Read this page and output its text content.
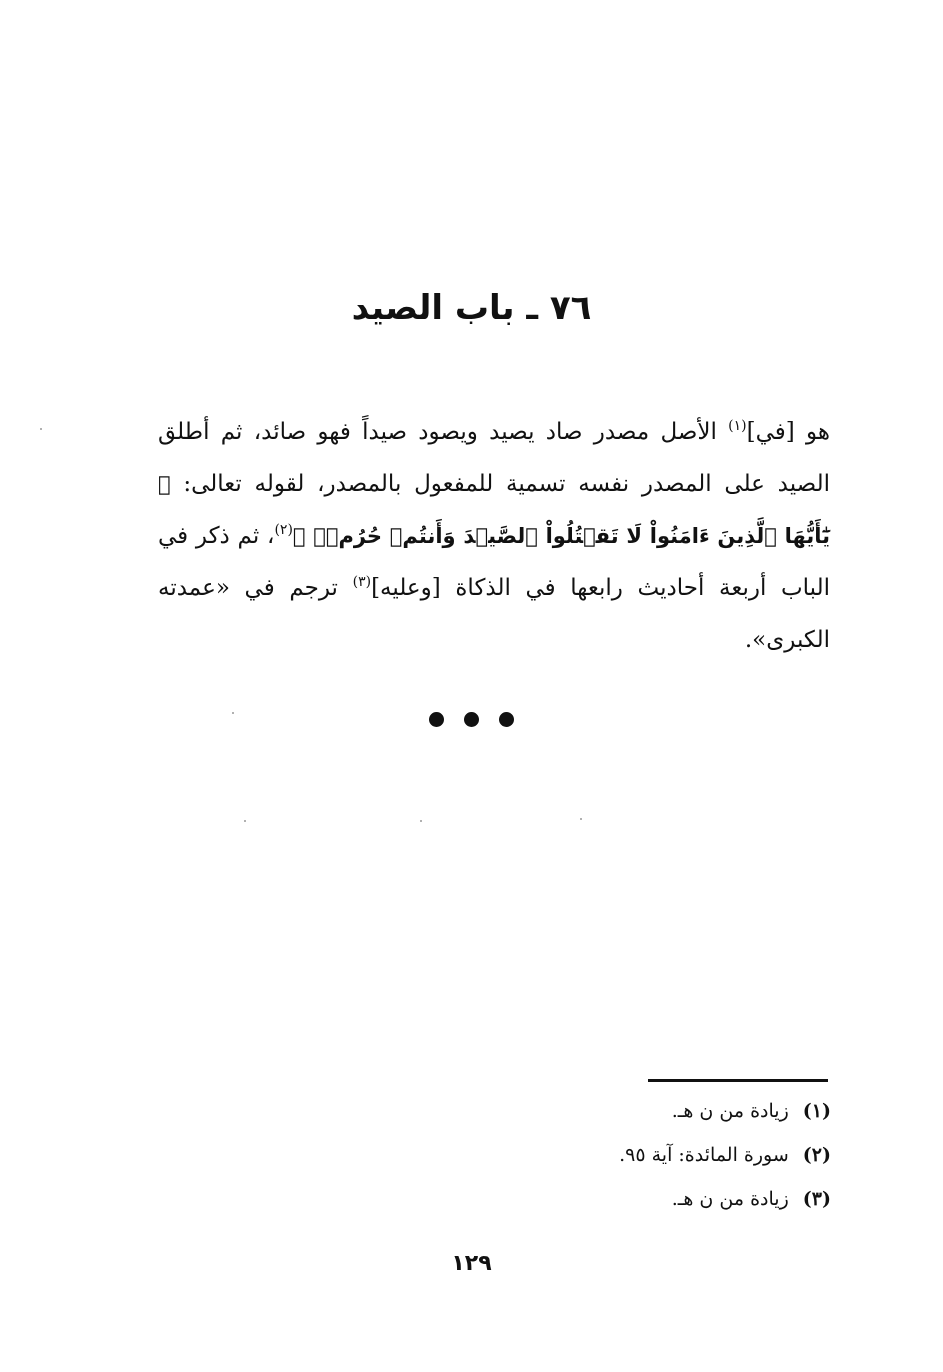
٧٦ ـ باب الصيد
هو [في]$^{(١)}$ الأصل مصدر صاد يصيد ويصود صيداً فهو صائد، ثم أطلق الصيد على المصدر نفسه تسمية للمفعول بالمصدر، لقوله تعالى: ﴿ يَٰٓأَيُّهَا ٱلَّذِينَ ءَامَنُواْ لَا تَقۡتُلُواْ ٱلصَّيۡدَ وَأَنتُمۡ حُرُمٞۚ ﴾$^{(٢)}$، ثم ذكر في الباب أربعة أحاديث رابعها في الذكاة [وعليه]$^{(٣)}$ ترجم في «عمدته الكبرى».
(١)زيادة من ن هـ.
(٢)سورة المائدة: آية ٩٥.
(٣)زيادة من ن هـ.
١٢٩
